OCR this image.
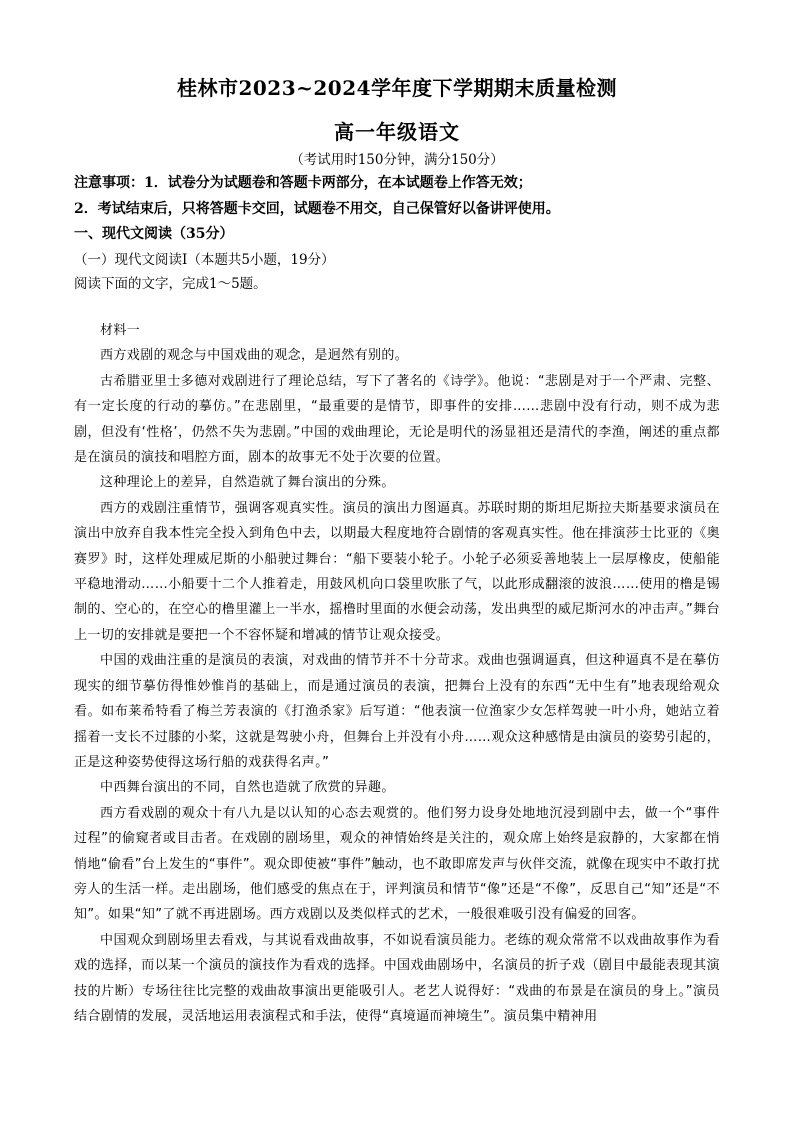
桂林市2023~2024学年度下学期期末质量检测
高一年级语文
（考试用时150分钟，满分150分）
注意事项：1．试卷分为试题卷和答题卡两部分，在本试题卷上作答无效；
2．考试结束后，只将答题卡交回，试题卷不用交，自己保管好以备讲评使用。
一、现代文阅读（35分）
（一）现代文阅读Ⅰ（本题共5小题，19分）
阅读下面的文字，完成1～5题。

材料一

西方戏剧的观念与中国戏曲的观念，是迥然有别的。

古希腊亚里士多德对戏剧进行了理论总结，写下了著名的《诗学》。他说：“悲剧是对于一个严肃、完整、有一定长度的行动的摹仿。”在悲剧里，“最重要的是情节，即事件的安排……悲剧中没有行动，则不成为悲剧，但没有‘性格’，仍然不失为悲剧。”中国的戏曲理论，无论是明代的汤显祖还是清代的李渔，阐述的重点都是在演员的演技和唱腔方面，剧本的故事无不处于次要的位置。

这种理论上的差异，自然造就了舞台演出的分殊。

西方的戏剧注重情节，强调客观真实性。演员的演出力图逼真。苏联时期的斯坦尼斯拉夫斯基要求演员在演出中放弃自我本性完全投入到角色中去，以期最大程度地符合剧情的客观真实性。他在排演莎士比亚的《奥赛罗》时，这样处理威尼斯的小船驶过舞台：“船下要装小轮子。小轮子必须妥善地装上一层厚橡皮，使船能平稳地滑动……小船要十二个人推着走，用鼓风机向口袋里吹胀了气，以此形成翻滚的波浪……使用的橹是锡制的、空心的，在空心的橹里灌上一半水，摇橹时里面的水便会动荡，发出典型的威尼斯河水的冲击声。”舞台上一切的安排就是要把一个不容怀疑和增减的情节让观众接受。

中国的戏曲注重的是演员的表演，对戏曲的情节并不十分苛求。戏曲也强调逼真，但这种逼真不是在摹仿现实的细节摹仿得惟妙惟肖的基础上，而是通过演员的表演，把舞台上没有的东西“无中生有”地表现给观众看。如布莱希特看了梅兰芳表演的《打渔杀家》后写道：“他表演一位渔家少女怎样驾驶一叶小舟，她站立着摇着一支长不过膝的小桨，这就是驾驶小舟，但舞台上并没有小舟……观众这种感情是由演员的姿势引起的，正是这种姿势使得这场行船的戏获得名声。”

中西舞台演出的不同，自然也造就了欣赏的异趣。

西方看戏剧的观众十有八九是以认知的心态去观赏的。他们努力设身处地地沉浸到剧中去，做一个“事件过程”的偷窥者或目击者。在戏剧的剧场里，观众的神情始终是关注的，观众席上始终是寂静的，大家都在悄悄地“偷看”台上发生的“事件”。观众即使被“事件”触动，也不敢即席发声与伙伴交流，就像在现实中不敢打扰旁人的生活一样。走出剧场，他们感受的焦点在于，评判演员和情节“像”还是“不像”，反思自己“知”还是“不知”。如果“知”了就不再进剧场。西方戏剧以及类似样式的艺术，一般很难吸引没有偏爱的回客。

中国观众到剧场里去看戏，与其说看戏曲故事，不如说看演员能力。老练的观众常常不以戏曲故事作为看戏的选择，而以某一个演员的演技作为看戏的选择。中国戏曲剧场中，名演员的折子戏（剧目中最能表现其演技的片断）专场往往比完整的戏曲故事演出更能吸引人。老艺人说得好：“戏曲的布景是在演员的身上。”演员结合剧情的发展，灵活地运用表演程式和手法，使得“真境逼而神境生”。演员集中精神用
